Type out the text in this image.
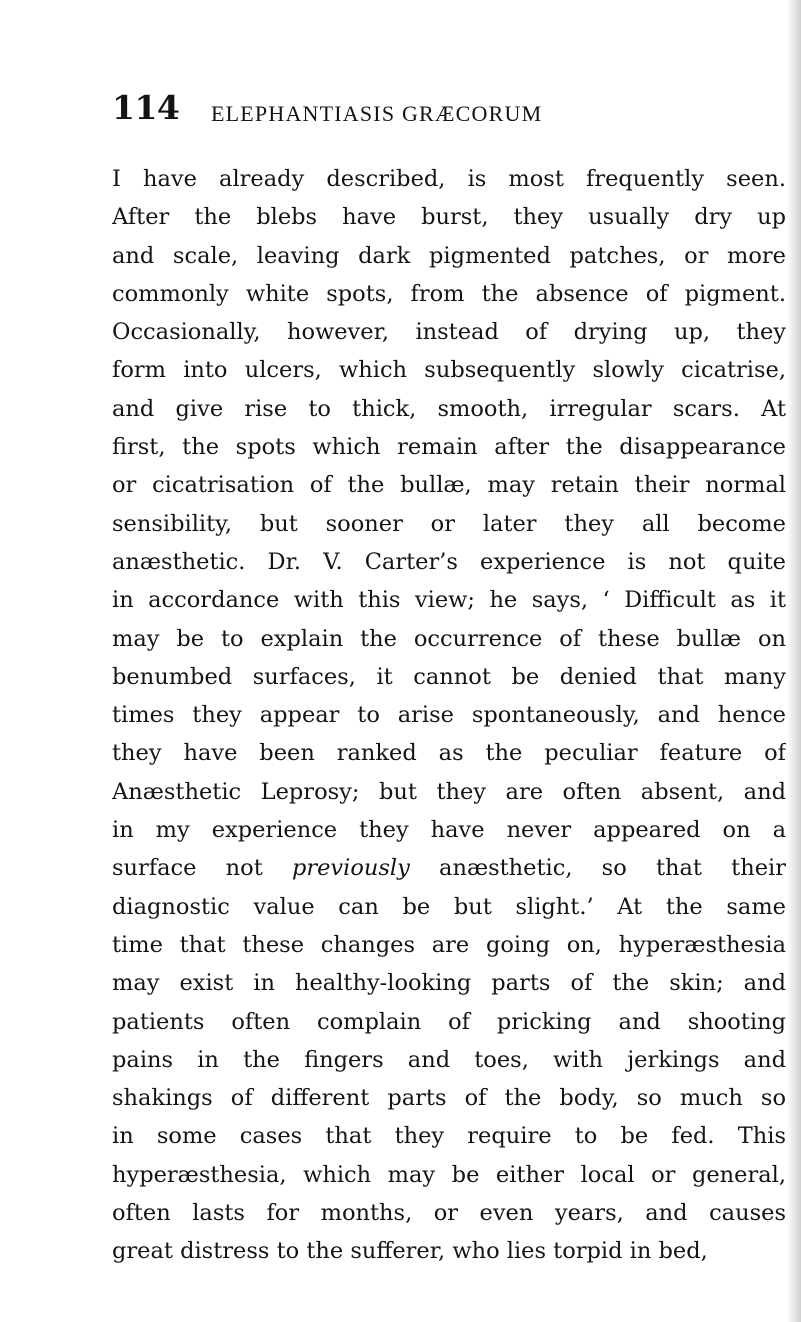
114 ELEPHANTIASIS GRÆCORUM
I have already described, is most frequently seen.
After the blebs have burst, they usually dry up
and scale, leaving dark pigmented patches, or more
commonly white spots, from the absence of pigment.
Occasionally, however, instead of drying up, they
form into ulcers, which subsequently slowly cicatrise,
and give rise to thick, smooth, irregular scars. At
first, the spots which remain after the disappearance
or cicatrisation of the bullæ, may retain their normal
sensibility, but sooner or later they all become
anæsthetic. Dr. V. Carter’s experience is not quite
in accordance with this view; he says, ‘ Difficult as it
may be to explain the occurrence of these bullæ on
benumbed surfaces, it cannot be denied that many
times they appear to arise spontaneously, and hence
they have been ranked as the peculiar feature of
Anæsthetic Leprosy; but they are often absent, and
in my experience they have never appeared on a
surface not previously anæsthetic, so that their
diagnostic value can be but slight.’ At the same
time that these changes are going on, hyperæsthesia
may exist in healthy-looking parts of the skin; and
patients often complain of pricking and shooting
pains in the fingers and toes, with jerkings and
shakings of different parts of the body, so much so
in some cases that they require to be fed. This
hyperæsthesia, which may be either local or general,
often lasts for months, or even years, and causes
great distress to the sufferer, who lies torpid in bed,
